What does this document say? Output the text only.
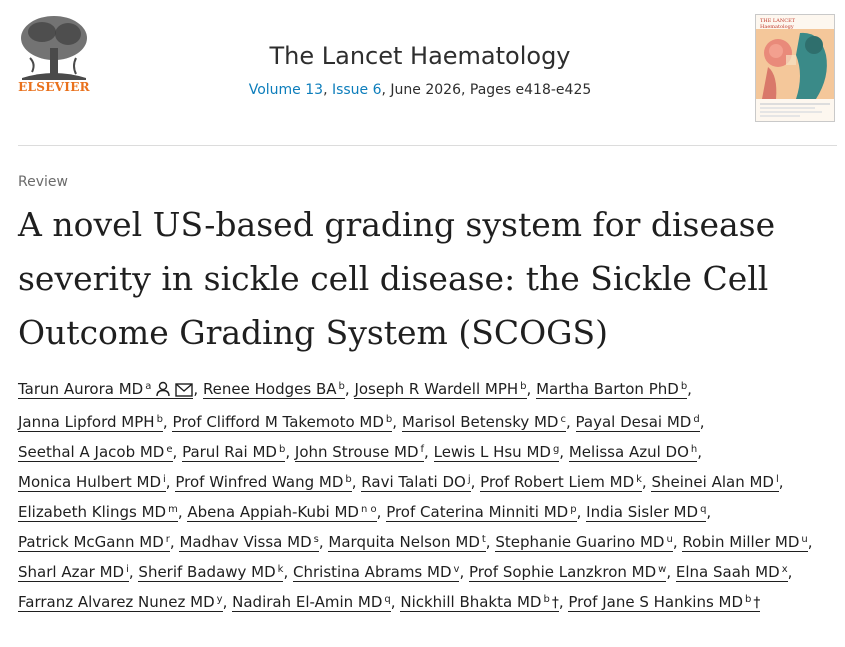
ELSEVIER
The Lancet Haematology
Volume 13, Issue 6, June 2026, Pages e418-e425
THE LANCET
Haematology
Review
A novel US-based grading system for disease severity in sickle cell disease: the Sickle Cell Outcome Grading System (SCOGS)
Tarun Aurora MD $^a$	, Renee Hodges BA $^b$, Joseph R Wardell MPH $^b$, Martha Barton PhD $^b$, Janna Lipford MPH $^b$, Prof Clifford M Takemoto MD $^b$, Marisol Betensky MD $^c$, Payal Desai MD $^d$, Seethal A Jacob MD $^e$, Parul Rai MD $^b$, John Strouse MD $^f$, Lewis L Hsu MD $^g$, Melissa Azul DO $^h$, Monica Hulbert MD $^i$, Prof Winfred Wang MD $^b$, Ravi Talati DO $^j$, Prof Robert Liem MD $^k$, Sheinei Alan MD $^l$, Elizabeth Klings MD $^m$, Abena Appiah-Kubi MD $^{n o}$, Prof Caterina Minniti MD $^p$, India Sisler MD $^q$, Patrick McGann MD $^r$, Madhav Vissa MD $^s$, Marquita Nelson MD $^t$, Stephanie Guarino MD $^u$, Robin Miller MD $^u$, Sharl Azar MD $^i$, Sherif Badawy MD $^k$, Christina Abrams MD $^v$, Prof Sophie Lanzkron MD $^w$, Elna Saah MD $^x$, Farranz Alvarez Nunez MD $^y$, Nadirah El-Amin MD $^q$, Nickhill Bhakta MD $^b$ †, Prof Jane S Hankins MD $^b$ †
